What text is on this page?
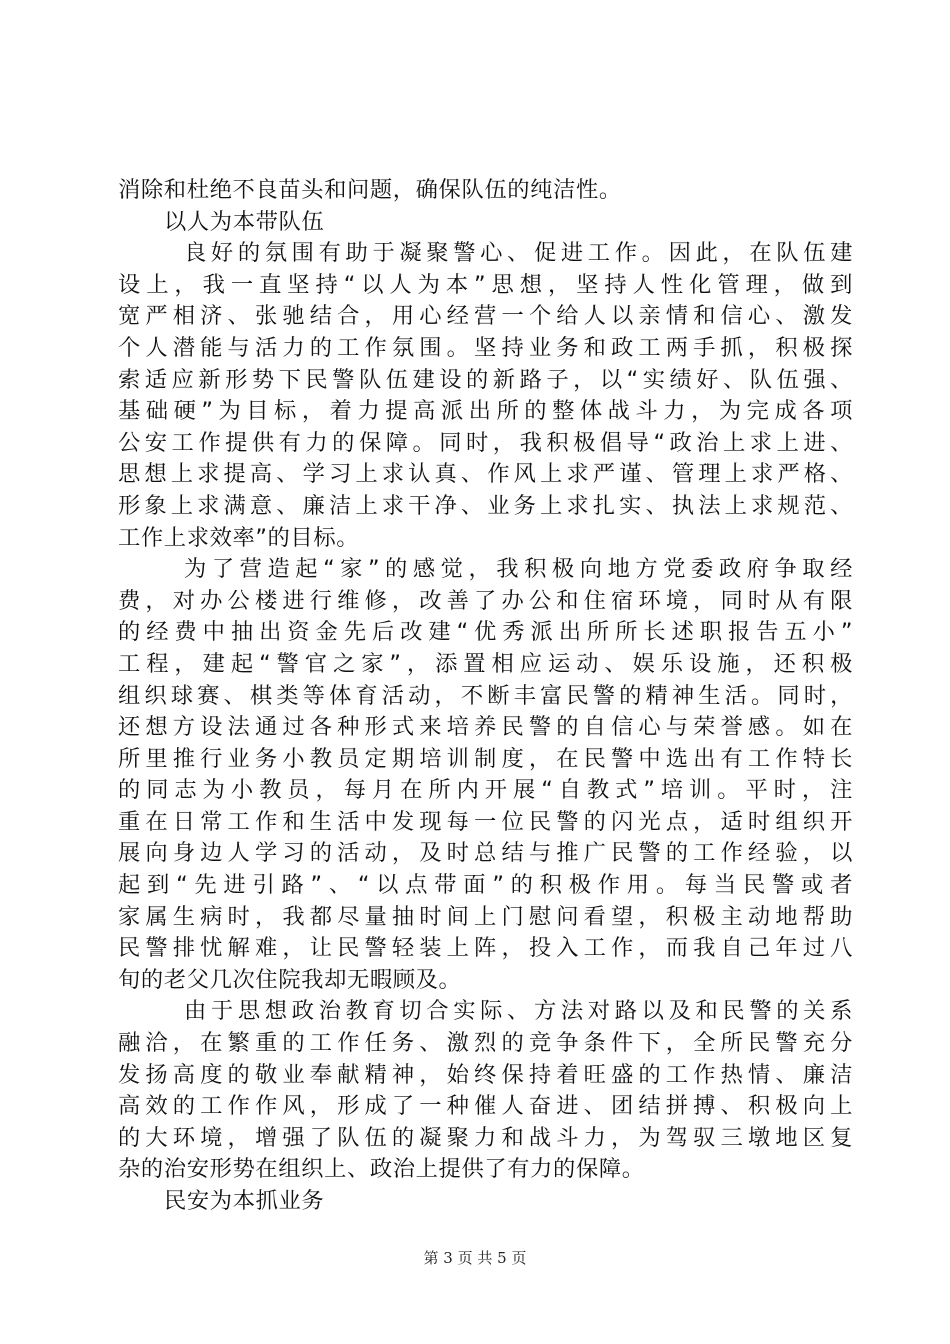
消除和杜绝不良苗头和问题，确保队伍的纯洁性。
以人为本带队伍
良好的氛围有助于凝聚警心、促进工作。因此，在队伍建
设上，我一直坚持“以人为本”思想，坚持人性化管理，做到
宽严相济、张驰结合，用心经营一个给人以亲情和信心、激发
个人潜能与活力的工作氛围。坚持业务和政工两手抓，积极探
索适应新形势下民警队伍建设的新路子，以“实绩好、队伍强、
基础硬”为目标，着力提高派出所的整体战斗力，为完成各项
公安工作提供有力的保障。同时，我积极倡导“政治上求上进、
思想上求提高、学习上求认真、作风上求严谨、管理上求严格、
形象上求满意、廉洁上求干净、业务上求扎实、执法上求规范、
工作上求效率”的目标。
为了营造起“家”的感觉，我积极向地方党委政府争取经
费，对办公楼进行维修，改善了办公和住宿环境，同时从有限
的经费中抽出资金先后改建“优秀派出所所长述职报告五小”
工程，建起“警官之家”，添置相应运动、娱乐设施，还积极
组织球赛、棋类等体育活动，不断丰富民警的精神生活。同时，
还想方设法通过各种形式来培养民警的自信心与荣誉感。如在
所里推行业务小教员定期培训制度，在民警中选出有工作特长
的同志为小教员，每月在所内开展“自教式”培训。平时，注
重在日常工作和生活中发现每一位民警的闪光点，适时组织开
展向身边人学习的活动，及时总结与推广民警的工作经验，以
起到“先进引路”、“以点带面”的积极作用。每当民警或者
家属生病时，我都尽量抽时间上门慰问看望，积极主动地帮助
民警排忧解难，让民警轻装上阵，投入工作，而我自己年过八
旬的老父几次住院我却无暇顾及。
由于思想政治教育切合实际、方法对路以及和民警的关系
融洽，在繁重的工作任务、激烈的竞争条件下，全所民警充分
发扬高度的敬业奉献精神，始终保持着旺盛的工作热情、廉洁
高效的工作作风，形成了一种催人奋进、团结拼搏、积极向上
的大环境，增强了队伍的凝聚力和战斗力，为驾驭三墩地区复
杂的治安形势在组织上、政治上提供了有力的保障。
民安为本抓业务
第 3 页 共 5 页
